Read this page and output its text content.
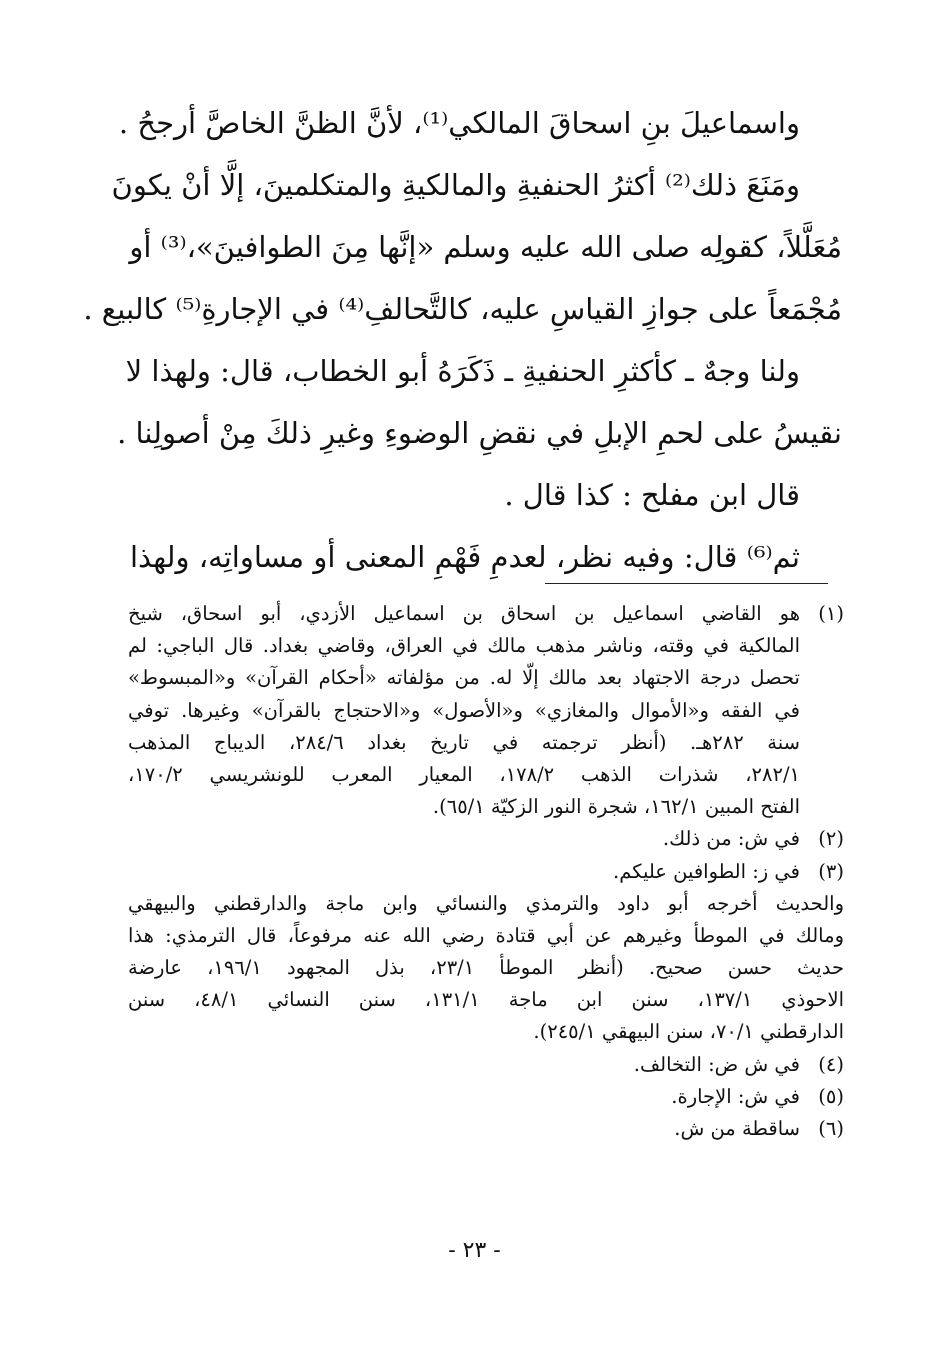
واسماعيلَ بنِ اسحاقَ المالكي⁽¹⁾، لأنَّ الظنَّ الخاصَّ أرجحُ .
ومَنَعَ ذلك⁽²⁾ أكثرُ الحنفيةِ والمالكيةِ والمتكلمينَ، إلَّا أنْ يكونَ
مُعَلَّلاً، كقولِه صلى الله عليه وسلم «إنَّها مِنَ الطوافينَ»،⁽³⁾ أو
مُجْمَعاً على جوازِ القياسِ عليه، كالتَّحالفِ⁽⁴⁾ في الإجارةِ⁽⁵⁾ كالبيع .
ولنا وجهٌ ـ كأكثرِ الحنفيةِ ـ ذَكَرَهُ أبو الخطاب، قال: ولهذا لا
نقيسُ على لحمِ الإبلِ في نقضِ الوضوءِ وغيرِ ذلكَ مِنْ أصولِنا .
قال ابن مفلح : كذا قال .
ثم⁽⁶⁾ قال: وفيه نظر، لعدمِ فَهْمِ المعنى أو مساواتِه، ولهذا
(١)هو القاضي اسماعيل بن اسحاق بن اسماعيل الأزدي، أبو اسحاق، شيخ
المالكية في وقته، وناشر مذهب مالك في العراق، وقاضي بغداد. قال الباجي: لم
تحصل درجة الاجتهاد بعد مالك إلّا له. من مؤلفاته «أحكام القرآن» و«المبسوط»
في الفقه و«الأموال والمغازي» و«الأصول» و«الاحتجاج بالقرآن» وغيرها. توفي
سنة ٢٨٢هـ. (أنظر ترجمته في تاريخ بغداد ٢٨٤/٦، الديباج المذهب
٢٨٢/١، شذرات الذهب ١٧٨/٢، المعيار المعرب للونشريسي ١٧٠/٢،
الفتح المبين ١٦٢/١، شجرة النور الزكيّة ٦٥/١).
(٢)في ش: من ذلك.
(٣)في ز: الطوافين عليكم.
والحديث أخرجه أبو داود والترمذي والنسائي وابن ماجة والدارقطني والبيهقي
ومالك في الموطأ وغيرهم عن أبي قتادة رضي الله عنه مرفوعاً، قال الترمذي: هذا
حديث حسن صحيح. (أنظر الموطأ ٢٣/١، بذل المجهود ١٩٦/١، عارضة
الاحوذي ١٣٧/١، سنن ابن ماجة ١٣١/١، سنن النسائي ٤٨/١، سنن
الدارقطني ٧٠/١، سنن البيهقي ٢٤٥/١).
(٤)في ش ض: التخالف.
(٥)في ش: الإجارة.
(٦)ساقطة من ش.
- ٢٣ -
